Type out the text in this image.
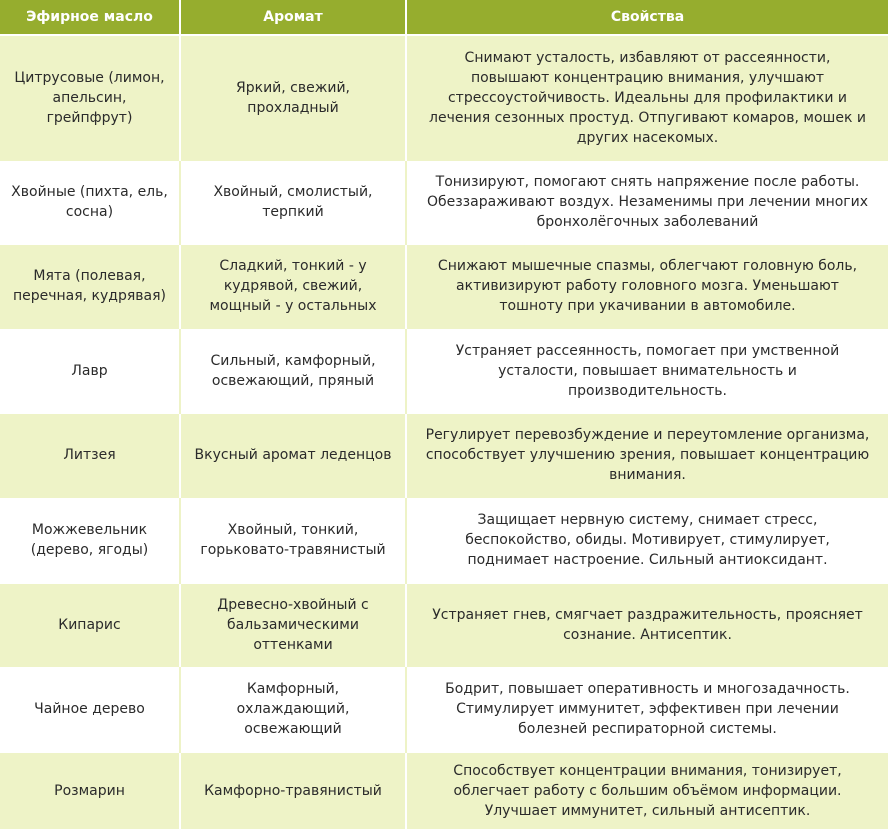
Эфирное масло	Аромат	Свойства
Цитрусовые (лимон, апельсин, грейпфрут)	Яркий, свежий, прохладный	Снимают усталость, избавляют от рассеянности, повышают концентрацию внимания, улучшают стрессоустойчивость. Идеальны для профилактики и лечения сезонных простуд. Отпугивают комаров, мошек и других насекомых.
Хвойные (пихта, ель, сосна)	Хвойный, смолистый, терпкий	Тонизируют, помогают снять напряжение после работы. Обеззараживают воздух. Незаменимы при лечении многих бронхолёгочных заболеваний
Мята (полевая, перечная, кудрявая)	Сладкий, тонкий - у кудрявой, свежий, мощный - у остальных	Снижают мышечные спазмы, облегчают головную боль, активизируют работу головного мозга. Уменьшают тошноту при укачивании в автомобиле.
Лавр	Сильный, камфорный, освежающий, пряный	Устраняет рассеянность, помогает при умственной усталости, повышает внимательность и производительность.
Литзея	Вкусный аромат леденцов	Регулирует перевозбуждение и переутомление организма, способствует улучшению зрения, повышает концентрацию внимания.
Можжевельник (дерево, ягоды)	Хвойный, тонкий, горьковато-травянистый	Защищает нервную систему, снимает стресс, беспокойство, обиды. Мотивирует, стимулирует, поднимает настроение. Сильный антиоксидант.
Кипарис	Древесно-хвойный с бальзамическими оттенками	Устраняет гнев, смягчает раздражительность, проясняет сознание. Антисептик.
Чайное дерево	Камфорный, охлаждающий, освежающий	Бодрит, повышает оперативность и многозадачность. Стимулирует иммунитет, эффективен при лечении болезней респираторной системы.
Розмарин	Камфорно-травянистый	Способствует концентрации внимания, тонизирует, облегчает работу с большим объёмом информации. Улучшает иммунитет, сильный антисептик.
